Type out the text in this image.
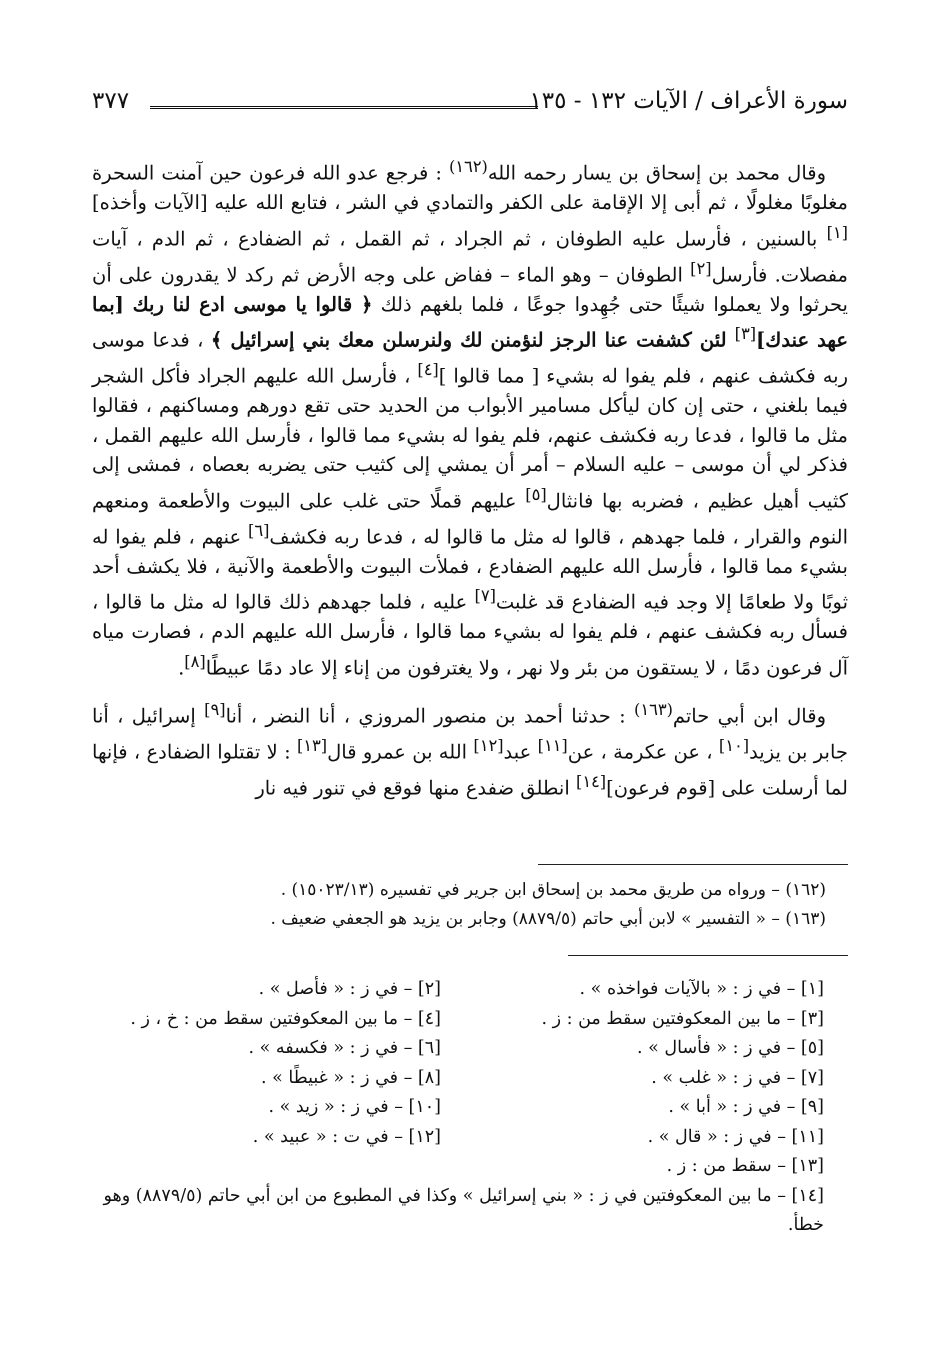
سورة الأعراف / الآيات ١٣٢ - ١٣٥
٣٧٧

وقال محمد بن إسحاق بن يسار رحمه الله$^{(١٦٢)}$ : فرجع عدو الله فرعون حين آمنت السحرة مغلوبًا مغلولًا ، ثم أبى إلا الإقامة على الكفر والتمادي في الشر ، فتابع الله عليه [الآيات وأخذه][١] بالسنين ، فأرسل عليه الطوفان ، ثم الجراد ، ثم القمل ، ثم الضفادع ، ثم الدم ، آيات مفصلات. فأرسل[٢] الطوفان – وهو الماء – ففاض على وجه الأرض ثم ركد لا يقدرون على أن يحرثوا ولا يعملوا شيئًا حتى جُهِدوا جوعًا ، فلما بلغهم ذلك ﴿ قالوا يا موسى ادع لنا ربك [بما عهد عندك][٣] لئن كشفت عنا الرجز لنؤمنن لك ولنرسلن معك بني إسرائيل ﴾ ، فدعا موسى ربه فكشف عنهم ، فلم يفوا له بشيء [ مما قالوا ][٤] ، فأرسل الله عليهم الجراد فأكل الشجر فيما بلغني ، حتى إن كان ليأكل مسامير الأبواب من الحديد حتى تقع دورهم ومساكنهم ، فقالوا مثل ما قالوا ، فدعا ربه فكشف عنهم، فلم يفوا له بشيء مما قالوا ، فأرسل الله عليهم القمل ، فذكر لي أن موسى – عليه السلام – أمر أن يمشي إلى كثيب حتى يضربه بعصاه ، فمشى إلى كثيب أهيل عظيم ، فضربه بها فانثال[٥] عليهم قملًا حتى غلب على البيوت والأطعمة ومنعهم النوم والقرار ، فلما جهدهم ، قالوا له مثل ما قالوا له ، فدعا ربه فكشف[٦] عنهم ، فلم يفوا له بشيء مما قالوا ، فأرسل الله عليهم الضفادع ، فملأت البيوت والأطعمة والآنية ، فلا يكشف أحد ثوبًا ولا طعامًا إلا وجد فيه الضفادع قد غلبت[٧] عليه ، فلما جهدهم ذلك قالوا له مثل ما قالوا ، فسأل ربه فكشف عنهم ، فلم يفوا له بشيء مما قالوا ، فأرسل الله عليهم الدم ، فصارت مياه آل فرعون دمًا ، لا يستقون من بئر ولا نهر ، ولا يغترفون من إناء إلا عاد دمًا عبيطًا[٨].

وقال ابن أبي حاتم$^{(١٦٣)}$ : حدثنا أحمد بن منصور المروزي ، أنا النضر ، أنا[٩] إسرائيل ، أنا جابر بن يزيد[١٠] ، عن عكرمة ، عن[١١] عبد[١٢] الله بن عمرو قال[١٣] : لا تقتلوا الضفادع ، فإنها لما أرسلت على [قوم فرعون][١٤] انطلق ضفدع منها فوقع في تنور فيه نار

(١٦٢) – ورواه من طريق محمد بن إسحاق ابن جرير في تفسيره (١٥٠٢٣/١٣) .
(١٦٣) – « التفسير » لابن أبي حاتم (٨٨٧٩/٥) وجابر بن يزيد هو الجعفي ضعيف .
[١] – في ز : « بالآيات فواخذه » .
[٢] – في ز : « فأصل » .
[٣] – ما بين المعكوفتين سقط من : ز .
[٤] – ما بين المعكوفتين سقط من : خ ، ز .
[٥] – في ز : « فأسال » .
[٦] – في ز : « فكسفه » .
[٧] – في ز : « غلب » .
[٨] – في ز : « غبيطًا » .
[٩] – في ز : « أبا » .
[١٠] – في ز : « زيد » .
[١١] – في ز : « قال » .
[١٢] – في ت : « عبيد » .
[١٣] – سقط من : ز .
[١٤] – ما بين المعكوفتين في ز : « بني إسرائيل » وكذا في المطبوع من ابن أبي حاتم (٨٨٧٩/٥) وهو خطأ.
